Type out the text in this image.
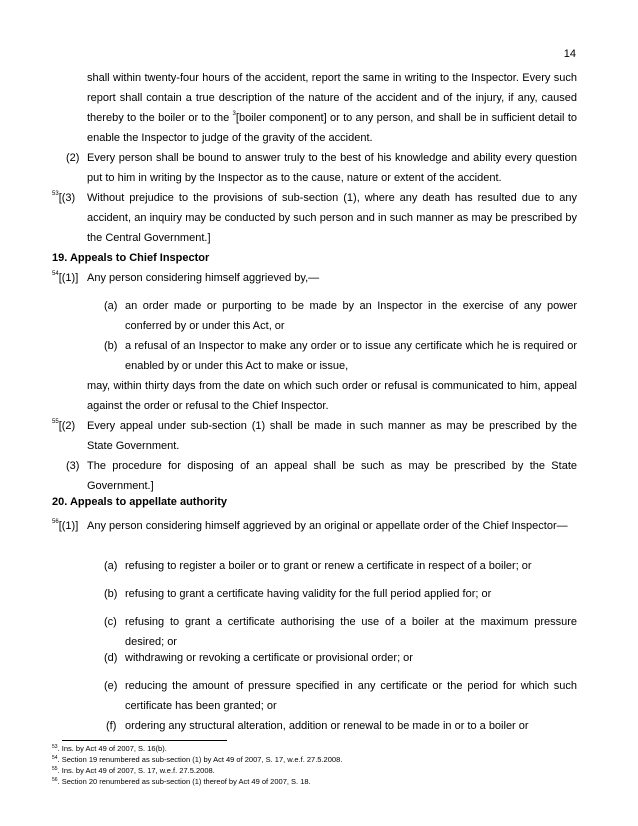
14

shall within twenty-four hours of the accident, report the same in writing to the Inspector. Every such report shall contain a true description of the nature of the accident and of the injury, if any, caused thereby to the boiler or to the $^3$[boiler component] or to any person, and shall be in sufficient detail to enable the Inspector to judge of the gravity of the accident.

(2) Every person shall be bound to answer truly to the best of his knowledge and ability every question put to him in writing by the Inspector as to the cause, nature or extent of the accident.

$^{53}$[(3) Without prejudice to the provisions of sub-section (1), where any death has resulted due to any accident, an inquiry may be conducted by such person and in such manner as may be prescribed by the Central Government.]

19. Appeals to Chief Inspector
$^{54}$[(1)] Any person considering himself aggrieved by,—

(a) an order made or purporting to be made by an Inspector in the exercise of any power conferred by or under this Act, or

(b) a refusal of an Inspector to make any order or to issue any certificate which he is required or enabled by or under this Act to make or issue,

may, within thirty days from the date on which such order or refusal is communicated to him, appeal against the order or refusal to the Chief Inspector.

$^{55}$[(2) Every appeal under sub-section (1) shall be made in such manner as may be prescribed by the State Government.

(3) The procedure for disposing of an appeal shall be such as may be prescribed by the State Government.]

20. Appeals to appellate authority
$^{56}$[(1)] Any person considering himself aggrieved by an original or appellate order of the Chief Inspector—

(a) refusing to register a boiler or to grant or renew a certificate in respect of a boiler; or

(b) refusing to grant a certificate having validity for the full period applied for; or

(c) refusing to grant a certificate authorising the use of a boiler at the maximum pressure desired; or

(d) withdrawing or revoking a certificate or provisional order; or

(e) reducing the amount of pressure specified in any certificate or the period for which such certificate has been granted; or

(f) ordering any structural alteration, addition or renewal to be made in or to a boiler or

$^{53}$. Ins. by Act 49 of 2007, S. 16(b).
$^{54}$. Section 19 renumbered as sub-section (1) by Act 49 of 2007, S. 17, w.e.f. 27.5.2008.
$^{55}$. Ins. by Act 49 of 2007, S. 17, w.e.f. 27.5.2008.
$^{56}$. Section 20 renumbered as sub-section (1) thereof by Act 49 of 2007, S. 18.
